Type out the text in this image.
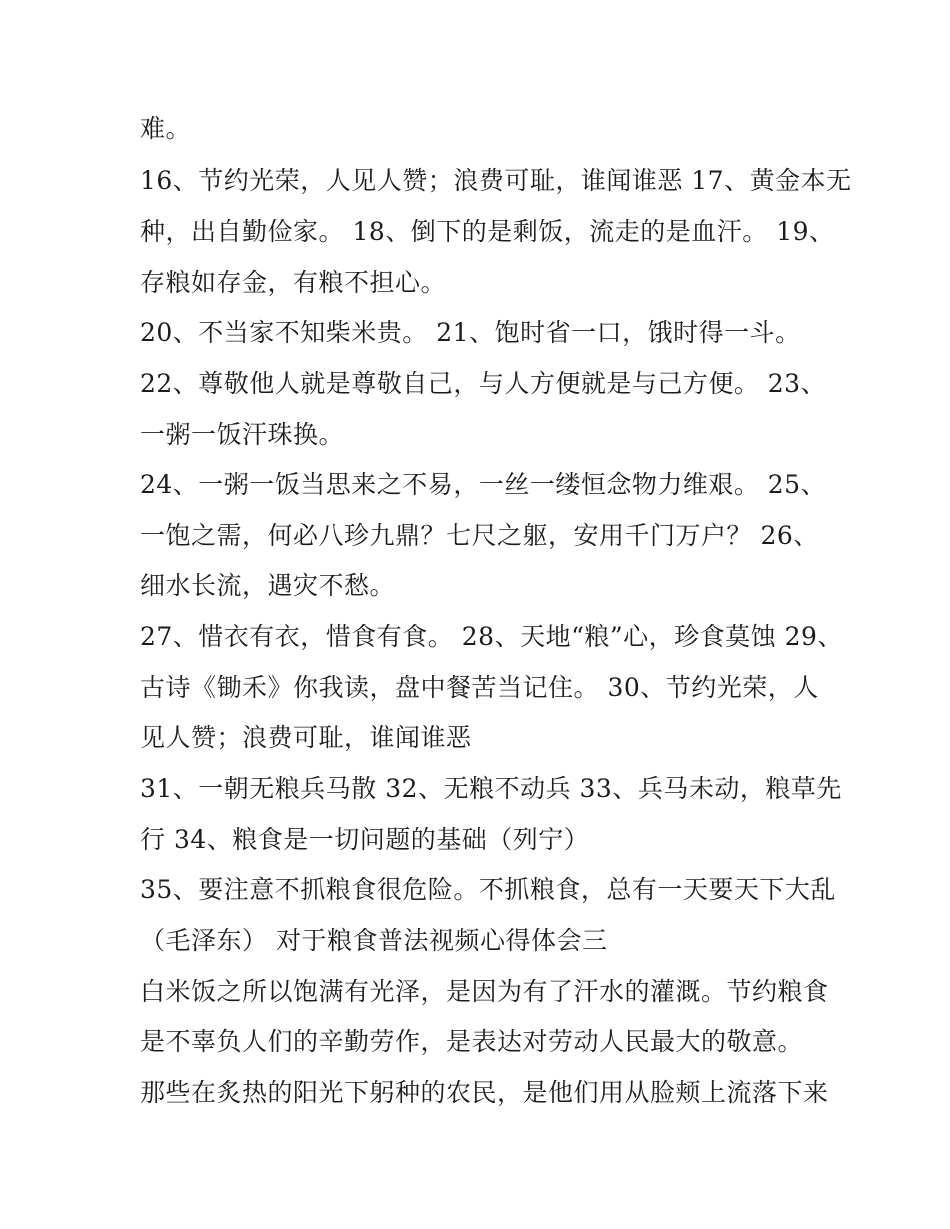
难。
16、节约光荣，人见人赞；浪费可耻，谁闻谁恶 17、黄金本无
种，出自勤俭家。 18、倒下的是剩饭，流走的是血汗。 19、
存粮如存金，有粮不担心。
20、不当家不知柴米贵。 21、饱时省一口，饿时得一斗。
22、尊敬他人就是尊敬自己，与人方便就是与己方便。 23、
一粥一饭汗珠换。
24、一粥一饭当思来之不易，一丝一缕恒念物力维艰。 25、
一饱之需，何必八珍九鼎？七尺之躯，安用千门万户？ 26、
细水长流，遇灾不愁。
27、惜衣有衣，惜食有食。 28、天地“粮”心，珍食莫蚀 29、
古诗《锄禾》你我读，盘中餐苦当记住。 30、节约光荣，人
见人赞；浪费可耻，谁闻谁恶
31、一朝无粮兵马散 32、无粮不动兵 33、兵马未动，粮草先
行 34、粮食是一切问题的基础（列宁）
35、要注意不抓粮食很危险。不抓粮食，总有一天要天下大乱
（毛泽东） 对于粮食普法视频心得体会三
白米饭之所以饱满有光泽，是因为有了汗水的灌溉。节约粮食
是不辜负人们的辛勤劳作，是表达对劳动人民最大的敬意。
那些在炙热的阳光下躬种的农民，是他们用从脸颊上流落下来
